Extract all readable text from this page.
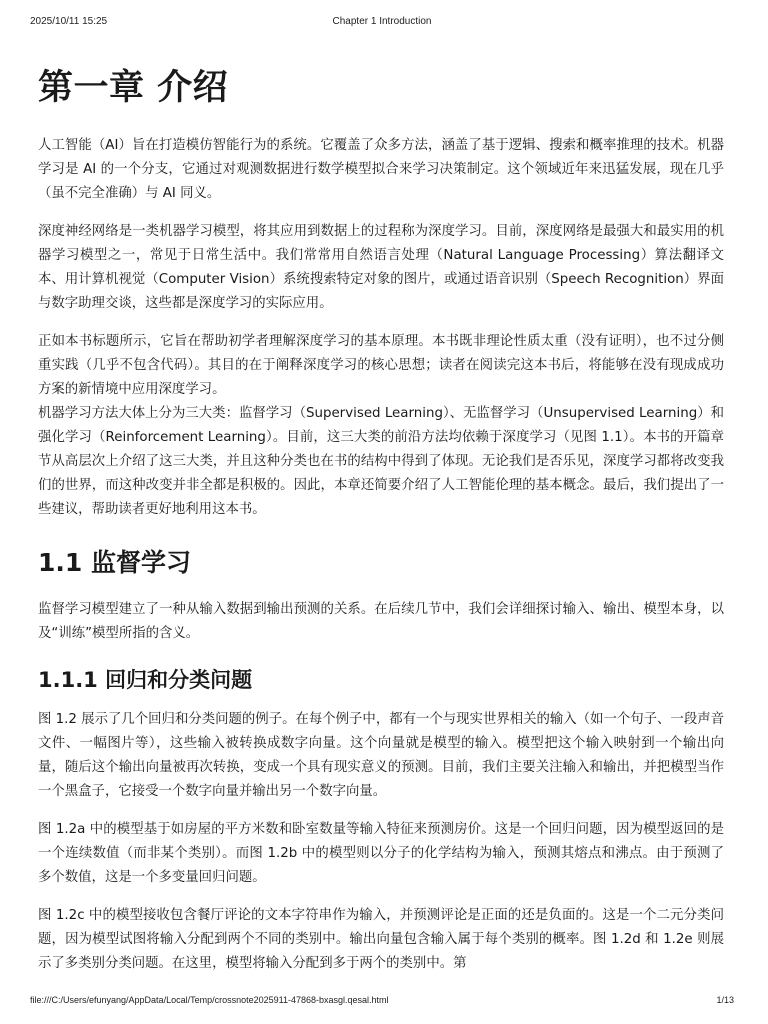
2025/10/11 15:25	Chapter 1 Introduction
第一章 介绍

人工智能（AI）旨在打造模仿智能行为的系统。它覆盖了众多方法，涵盖了基于逻辑、搜索和概率推理的技术。机器学习是 AI 的一个分支，它通过对观测数据进行数学模型拟合来学习决策制定。这个领域近年来迅猛发展，现在几乎（虽不完全准确）与 AI 同义。

深度神经网络是一类机器学习模型，将其应用到数据上的过程称为深度学习。目前，深度网络是最强大和最实用的机器学习模型之一，常见于日常生活中。我们常常用自然语言处理（Natural Language Processing）算法翻译文本、用计算机视觉（Computer Vision）系统搜索特定对象的图片，或通过语音识别（Speech Recognition）界面与数字助理交谈，这些都是深度学习的实际应用。

正如本书标题所示，它旨在帮助初学者理解深度学习的基本原理。本书既非理论性质太重（没有证明），也不过分侧重实践（几乎不包含代码）。其目的在于阐释深度学习的核心思想；读者在阅读完这本书后，将能够在没有现成成功方案的新情境中应用深度学习。

机器学习方法大体上分为三大类：监督学习（Supervised Learning）、无监督学习（Unsupervised Learning）和强化学习（Reinforcement Learning）。目前，这三大类的前沿方法均依赖于深度学习（见图 1.1）。本书的开篇章节从高层次上介绍了这三大类，并且这种分类也在书的结构中得到了体现。无论我们是否乐见，深度学习都将改变我们的世界，而这种改变并非全都是积极的。因此，本章还简要介绍了人工智能伦理的基本概念。最后，我们提出了一些建议，帮助读者更好地利用这本书。

1.1 监督学习

监督学习模型建立了一种从输入数据到输出预测的关系。在后续几节中，我们会详细探讨输入、输出、模型本身，以及“训练”模型所指的含义。

1.1.1 回归和分类问题

图 1.2 展示了几个回归和分类问题的例子。在每个例子中，都有一个与现实世界相关的输入（如一个句子、一段声音文件、一幅图片等），这些输入被转换成数字向量。这个向量就是模型的输入。模型把这个输入映射到一个输出向量，随后这个输出向量被再次转换，变成一个具有现实意义的预测。目前，我们主要关注输入和输出，并把模型当作一个黑盒子，它接受一个数字向量并输出另一个数字向量。

图 1.2a 中的模型基于如房屋的平方米数和卧室数量等输入特征来预测房价。这是一个回归问题，因为模型返回的是一个连续数值（而非某个类别）。而图 1.2b 中的模型则以分子的化学结构为输入，预测其熔点和沸点。由于预测了多个数值，这是一个多变量回归问题。

图 1.2c 中的模型接收包含餐厅评论的文本字符串作为输入，并预测评论是正面的还是负面的。这是一个二元分类问题，因为模型试图将输入分配到两个不同的类别中。输出向量包含输入属于每个类别的概率。图 1.2d 和 1.2e 则展示了多类别分类问题。在这里，模型将输入分配到多于两个的类别中。第

file:///C:/Users/efunyang/AppData/Local/Temp/crossnote2025911-47868-bxasgl.qesal.html	1/13
